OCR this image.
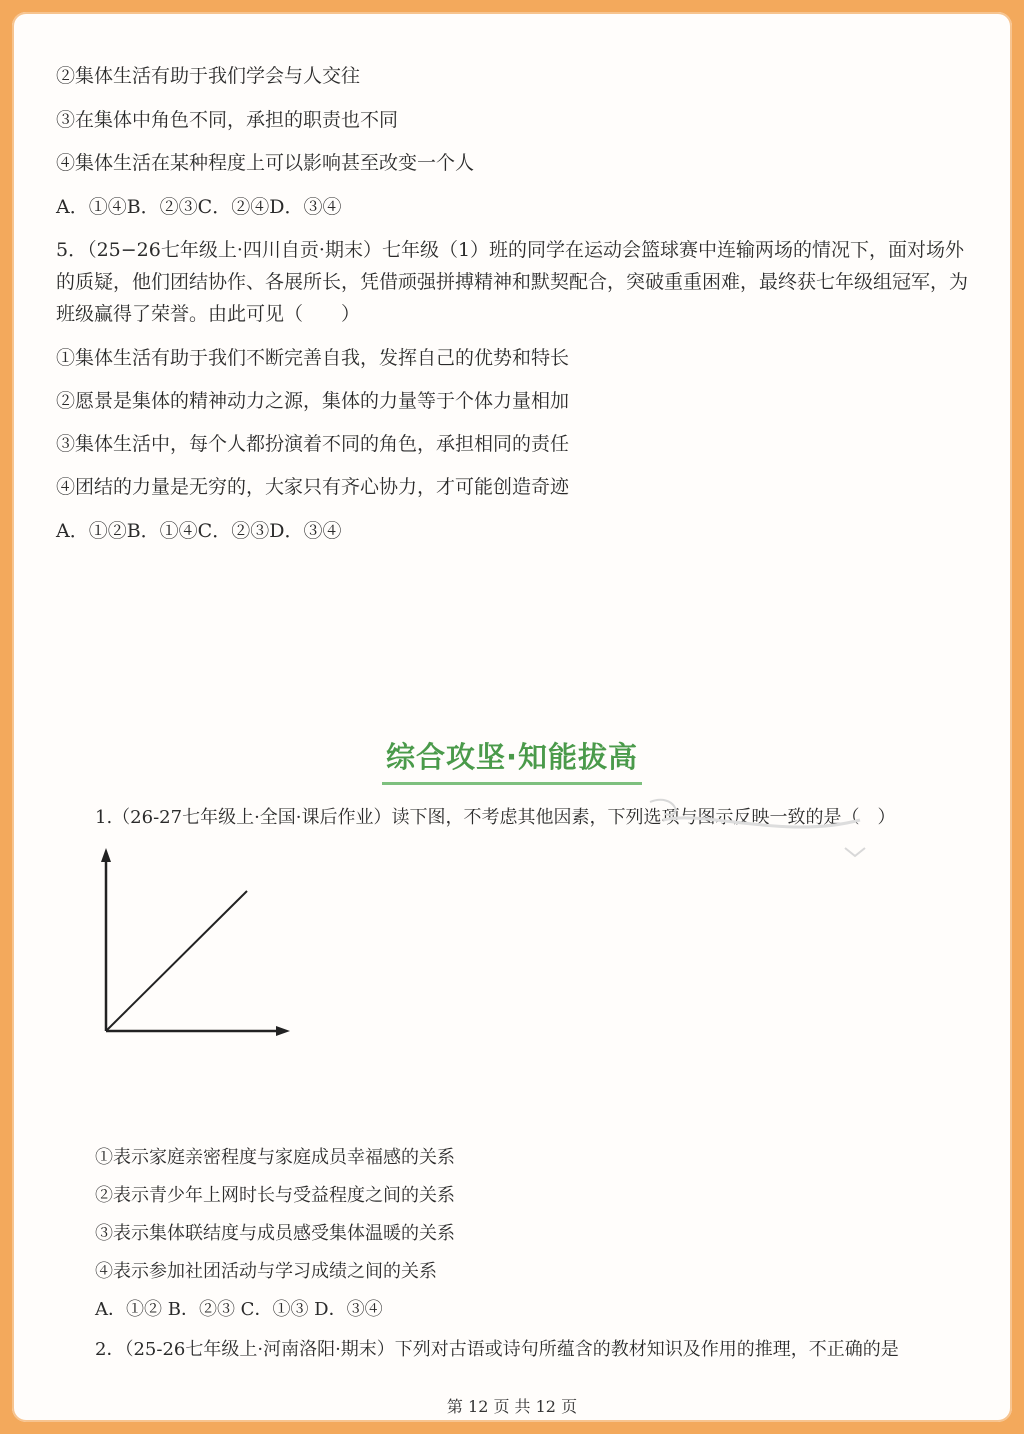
②集体生活有助于我们学会与人交往
③在集体中角色不同，承担的职责也不同
④集体生活在某种程度上可以影响甚至改变一个人
A．①④B．②③C．②④D．③④
5．（25−26七年级上·四川自贡·期末）七年级（1）班的同学在运动会篮球赛中连输两场的情况下，面对场外的质疑，他们团结协作、各展所长，凭借顽强拼搏精神和默契配合，突破重重困难，最终获七年级组冠军，为班级赢得了荣誉。由此可见（　　）
①集体生活有助于我们不断完善自我，发挥自己的优势和特长
②愿景是集体的精神动力之源，集体的力量等于个体力量相加
③集体生活中，每个人都扮演着不同的角色，承担相同的责任
④团结的力量是无穷的，大家只有齐心协力，才可能创造奇迹
A．①②B．①④C．②③D．③④
综合攻坚·知能拔高
1.（26-27七年级上·全国·课后作业）读下图，不考虑其他因素，下列选项与图示反映一致的是（　）
①表示家庭亲密程度与家庭成员幸福感的关系
②表示青少年上网时长与受益程度之间的关系
③表示集体联结度与成员感受集体温暖的关系
④表示参加社团活动与学习成绩之间的关系
A．①② B．②③ C．①③ D．③④
2．（25-26七年级上·河南洛阳·期末）下列对古语或诗句所蕴含的教材知识及作用的推理，不正确的是
第 12 页 共 12 页
